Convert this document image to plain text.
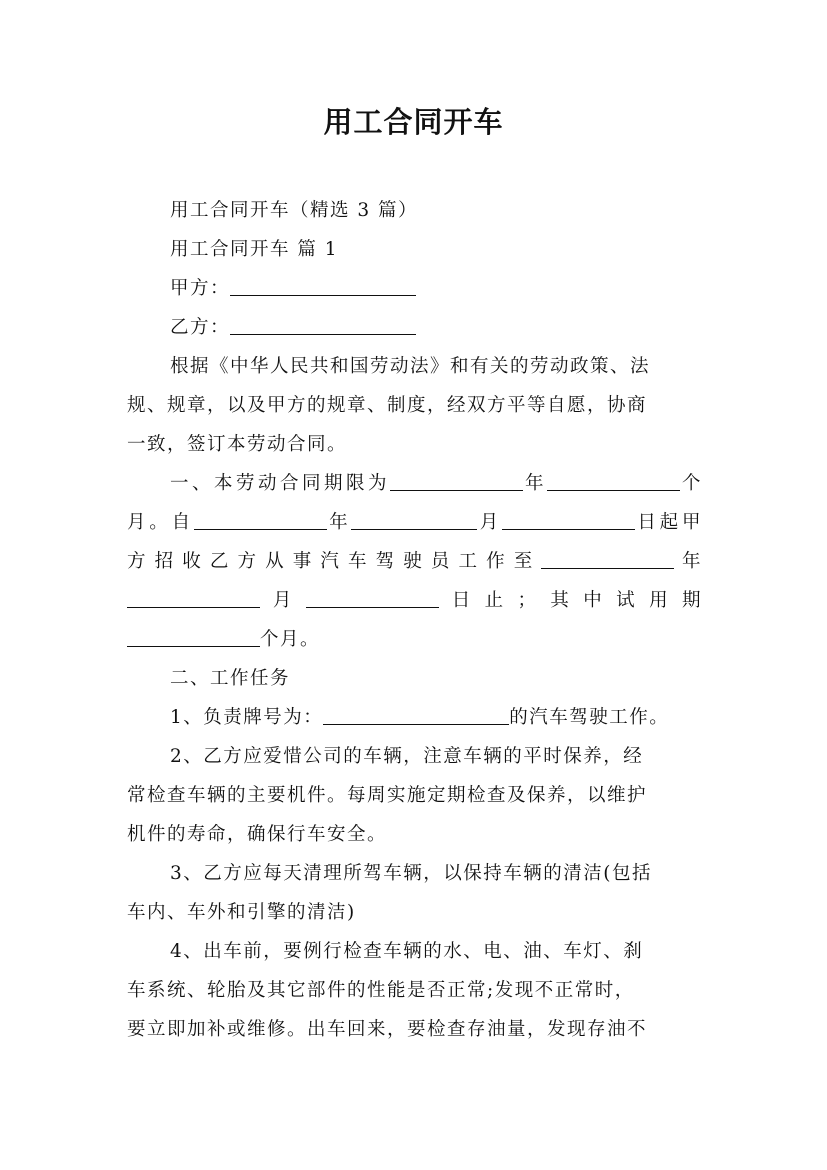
用工合同开车
用工合同开车（精选 3 篇）
用工合同开车 篇 1
甲方：
乙方：
根据《中华人民共和国劳动法》和有关的劳动政策、法
规、规章，以及甲方的规章、制度，经双方平等自愿，协商
一致，签订本劳动合同。
一、本劳动合同期限为	年	个
月。自	年	月	日起甲
方招收乙方从事汽车驾驶员工作至	年
月	日止；其中试用期
个月。
二、工作任务
1、负责牌号为：	的汽车驾驶工作。
2、乙方应爱惜公司的车辆，注意车辆的平时保养，经
常检查车辆的主要机件。每周实施定期检查及保养，以维护
机件的寿命，确保行车安全。
3、乙方应每天清理所驾车辆，以保持车辆的清洁(包括
车内、车外和引擎的清洁)
4、出车前，要例行检查车辆的水、电、油、车灯、刹
车系统、轮胎及其它部件的性能是否正常;发现不正常时，
要立即加补或维修。出车回来，要检查存油量，发现存油不
